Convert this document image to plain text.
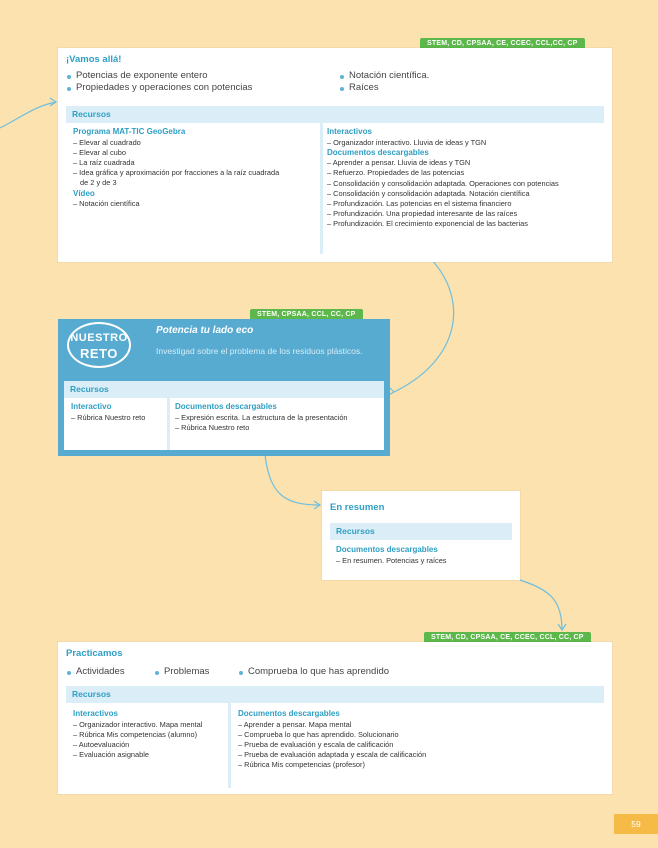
STEM, CD, CPSAA, CE, CCEC, CCL,CC, CP
¡Vamos allá!
Potencias de exponente entero
Propiedades y operaciones con potencias
Notación científica.
Raíces
Recursos
Programa MAT-TIC GeoGebra
– Elevar al cuadrado
– Elevar al cubo
– La raíz cuadrada
– Idea gráfica y aproximación por fracciones a la raíz cuadrada
de 2 y de 3
Vídeo
– Notación científica
Interactivos
– Organizador interactivo. Lluvia de ideas y TGN
Documentos descargables
– Aprender a pensar. Lluvia de ideas y TGN
– Refuerzo. Propiedades de las potencias
– Consolidación y consolidación adaptada. Operaciones con potencias
– Consolidación y consolidación adaptada. Notación científica
– Profundización. Las potencias en el sistema financiero
– Profundización. Una propiedad interesante de las raíces
– Profundización. El crecimiento exponencial de las bacterias
STEM, CPSAA, CCL, CC, CP
NUESTRO
RETO
Potencia tu lado eco
Investigad sobre el problema de los residuos plásticos.
Recursos
Interactivo
– Rúbrica Nuestro reto
Documentos descargables
– Expresión escrita. La estructura de la presentación
– Rúbrica Nuestro reto
En resumen
Recursos
Documentos descargables
– En resumen. Potencias y raíces
STEM, CD, CPSAA, CE, CCEC, CCL, CC, CP
Practicamos
Actividades	Problemas	Comprueba lo que has aprendido
Recursos
Interactivos
– Organizador interactivo. Mapa mental
– Rúbrica Mis competencias (alumno)
– Autoevaluación
– Evaluación asignable
Documentos descargables
– Aprender a pensar. Mapa mental
– Comprueba lo que has aprendido. Solucionario
– Prueba de evaluación y escala de calificación
– Prueba de evaluación adaptada y escala de calificación
– Rúbrica Mis competencias (profesor)
59
